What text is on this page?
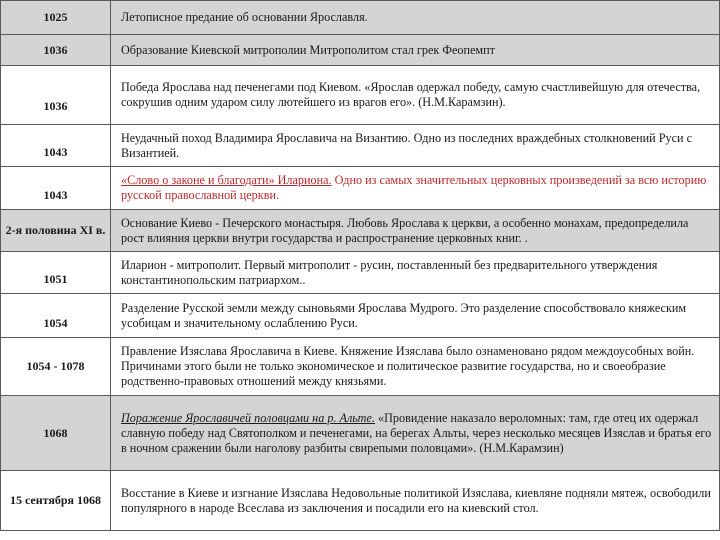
1025	Летописное предание об основании Ярославля.
1036	Образование Киевской митрополии Митрополитом стал грек Феопемпт
1036	Победа Ярослава над печенегами под Киевом. «Ярослав одержал победу, самую счастливейшую для отечества, сокрушив одним ударом силу лютейшего из врагов его». (Н.М.Карамзин).
1043	Неудачный поход Владимира Ярославича на Византию. Одно из последних враждебных столкновений Руси с Византией.
1043	«Слово о законе и благодати» Илариона. Одно из самых значительных церковных произведений за всю историю русской православной церкви.
2-я половина XI в.	Основание Киево - Печерского монастыря. Любовь Ярослава к церкви, а особенно монахам, предопределила рост влияния церкви внутри государства и распространение церковных книг. .
1051	Иларион - митрополит. Первый митрополит - русин, поставленный без предварительного утверждения константинопольским патриархом..
1054	Разделение Русской земли между сыновьями Ярослава Мудрого. Это разделение способствовало княжеским усобицам и значительному ослаблению Руси.
1054 - 1078	Правление Изяслава Ярославича в Киеве. Княжение Изяслава было ознаменовано рядом междоусобных войн. Причинами этого были не только экономическое и политическое развитие государства, но и своеобразие родственно-правовых отношений между князьями.
1068	Поражение Ярославичей половцами на р. Альте. «Провидение наказало вероломных: там, где отец их одержал славную победу над Святополком и печенегами, на берегах Альты, через несколько месяцев Изяслав и братья его в ночном сражении были наголову разбиты свирепыми половцами». (Н.М.Карамзин)
15 сентября 1068	Восстание в Киеве и изгнание Изяслава Недовольные политикой Изяслава, киевляне подняли мятеж, освободили популярного в народе Всеслава из заключения и посадили его на киевский стол.
